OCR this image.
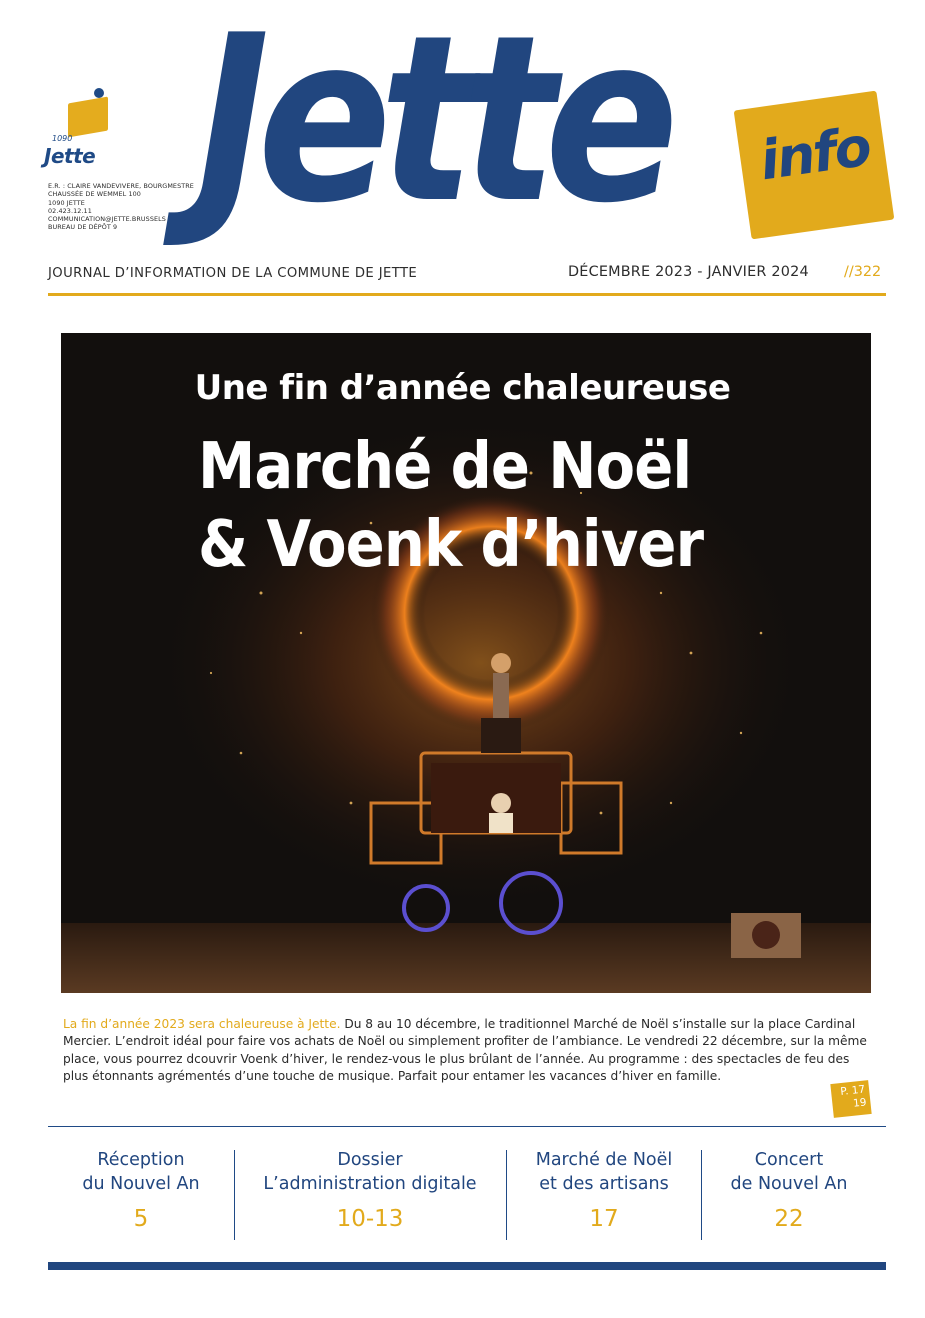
1090
Jette
E.R. : CLAIRE VANDEVIVERE, BOURGMESTRE
CHAUSSÉE DE WEMMEL 100
1090 JETTE
02.423.12.11
COMMUNICATION@JETTE.BRUSSELS
BUREAU DE DÉPÔT 9 Jette info
JOURNAL D’INFORMATION DE LA COMMUNE DE JETTE	DÉCEMBRE 2023 - JANVIER 2024 //322
Une fin d’année chaleureuse
Marché de Noël
& Voenk d’hiver
La fin d’année 2023 sera chaleureuse à Jette. Du 8 au 10 décembre, le traditionnel Marché de Noël s’installe sur la place Cardinal Mercier. L’endroit idéal pour faire vos achats de Noël ou simplement profiter de l’ambiance. Le vendredi 22 décembre, sur la même place, vous pourrez dcouvrir Voenk d’hiver, le rendez-vous le plus brûlant de l’année. Au programme : des spectacles de feu des plus étonnants agrémentés d’une touche de musique. Parfait pour entamer les vacances d’hiver en famille.
P. 17
19
Réception
du Nouvel An
5
Dossier
L’administration digitale
10-13
Marché de Noël
et des artisans
17
Concert
de Nouvel An
22
